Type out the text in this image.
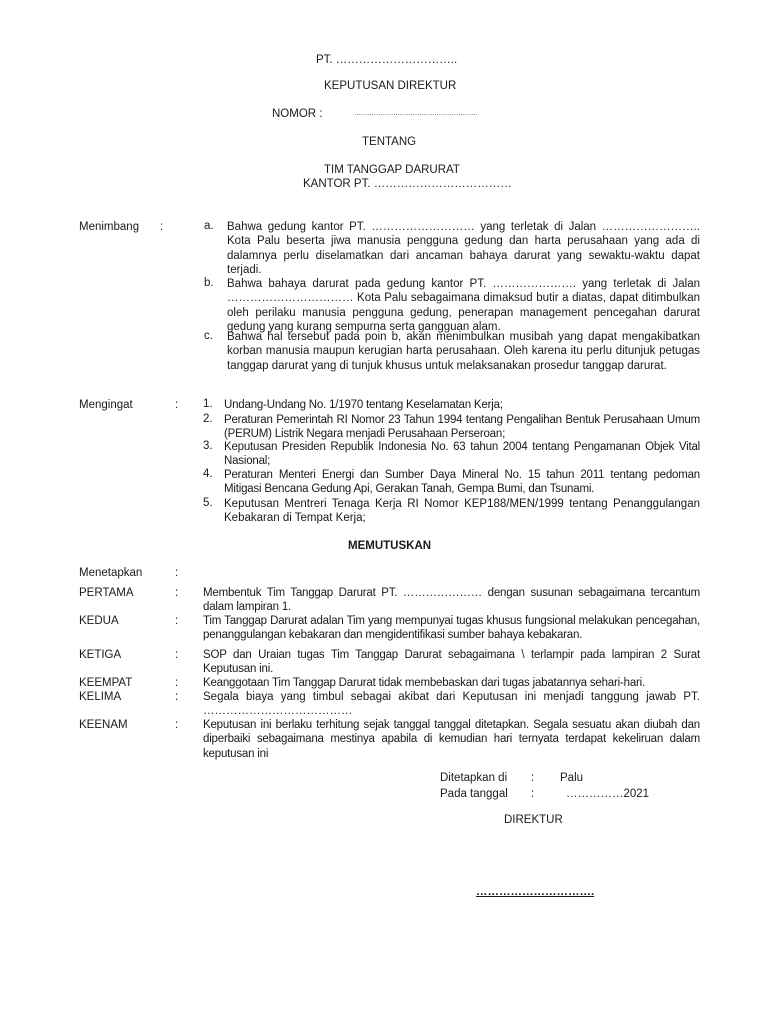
PT. …………………………..
KEPUTUSAN DIREKTUR
NOMOR :	…………………………………………………
TENTANG
TIM TANGGAP DARURAT
KANTOR PT. ………………………………
Menimbang :	a. Bahwa gedung kantor PT. ……………………… yang terletak di Jalan …………………….. Kota Palu beserta jiwa manusia pengguna gedung dan harta perusahaan yang ada di dalamnya perlu diselamatkan dari ancaman bahaya darurat yang sewaktu-waktu dapat terjadi.
b. Bahwa bahaya darurat pada gedung kantor PT. …………………. yang terletak di Jalan …………………………… Kota Palu sebagaimana dimaksud butir a diatas, dapat ditimbulkan oleh perilaku manusia pengguna gedung, penerapan management pencegahan darurat gedung yang kurang sempurna serta gangguan alam.
c. Bahwa hal tersebut pada poin b, akan menimbulkan musibah yang dapat mengakibatkan korban manusia maupun kerugian harta perusahaan. Oleh karena itu perlu ditunjuk petugas tanggap darurat yang di tunjuk khusus untuk melaksanakan prosedur tanggap darurat.
Mengingat	: 1. Undang-Undang No. 1/1970 tentang Keselamatan Kerja;
2. Peraturan Pemerintah RI Nomor 23 Tahun 1994 tentang Pengalihan Bentuk Perusahaan Umum (PERUM) Listrik Negara menjadi Perusahaan Perseroan;
3. Keputusan Presiden Republik Indonesia No. 63 tahun 2004 tentang Pengamanan Objek Vital Nasional;
4. Peraturan Menteri Energi dan Sumber Daya Mineral No. 15 tahun 2011 tentang pedoman Mitigasi Bencana Gedung Api, Gerakan Tanah, Gempa Bumi, dan Tsunami.
5. Keputusan Mentreri Tenaga Kerja RI Nomor KEP188/MEN/1999 tentang Penanggulangan Kebakaran di Tempat Kerja;
MEMUTUSKAN
Menetapkan	:
PERTAMA	: Membentuk Tim Tanggap Darurat PT. ………………… dengan susunan sebagaimana tercantum dalam lampiran 1.
KEDUA	: Tim Tanggap Darurat adalan Tim yang mempunyai tugas khusus fungsional melakukan pencegahan, penanggulangan kebakaran dan mengidentifikasi sumber bahaya kebakaran.
KETIGA	: SOP dan Uraian tugas Tim Tanggap Darurat sebagaimana \ terlampir pada lampiran 2 Surat Keputusan ini.
KEEMPAT	: Keanggotaan Tim Tanggap Darurat tidak membebaskan dari tugas jabatannya sehari-hari.
KELIMA	: Segala biaya yang timbul sebagai akibat dari Keputusan ini menjadi tanggung jawab PT. …………………………………
KEENAM	: Keputusan ini berlaku terhitung sejak tanggal tanggal ditetapkan. Segala sesuatu akan diubah dan diperbaiki sebagaimana mestinya apabila di kemudian hari ternyata terdapat kekeliruan dalam keputusan ini
Ditetapkan di : Palu
Pada tanggal :	……………2021
DIREKTUR
………………………….
